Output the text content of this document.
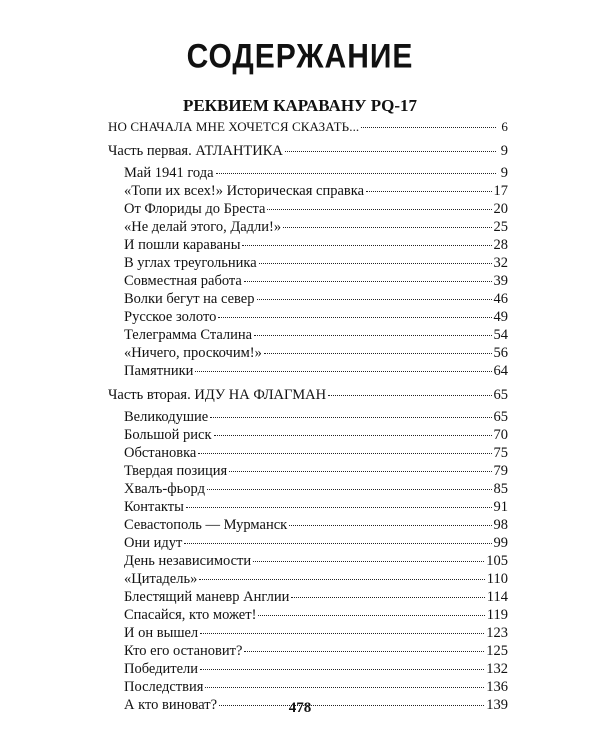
СОДЕРЖАНИЕ
РЕКВИЕМ КАРАВАНУ PQ-17
НО СНАЧАЛА МНЕ ХОЧЕТСЯ СКАЗАТЬ...	6
Часть первая. АТЛАНТИКА	9
Май 1941 года	9
«Топи их всех!» Историческая справка	17
От Флориды до Бреста	20
«Не делай этого, Дадли!»	25
И пошли караваны	28
В углах треугольника	32
Совместная работа	39
Волки бегут на север	46
Русское золото	49
Телеграмма Сталина	54
«Ничего, проскочим!»	56
Памятники	64
Часть вторая. ИДУ НА ФЛАГМАН	65
Великодушие	65
Большой риск	70
Обстановка	75
Твердая позиция	79
Хвалъ-фьорд	85
Контакты	91
Севастополь — Мурманск	98
Они идут	99
День независимости	105
«Цитадель»	110
Блестящий маневр Англии	114
Спасайся, кто может!	119
И он вышел	123
Кто его остановит?	125
Победители	132
Последствия	136
А кто виноват?	139
478
